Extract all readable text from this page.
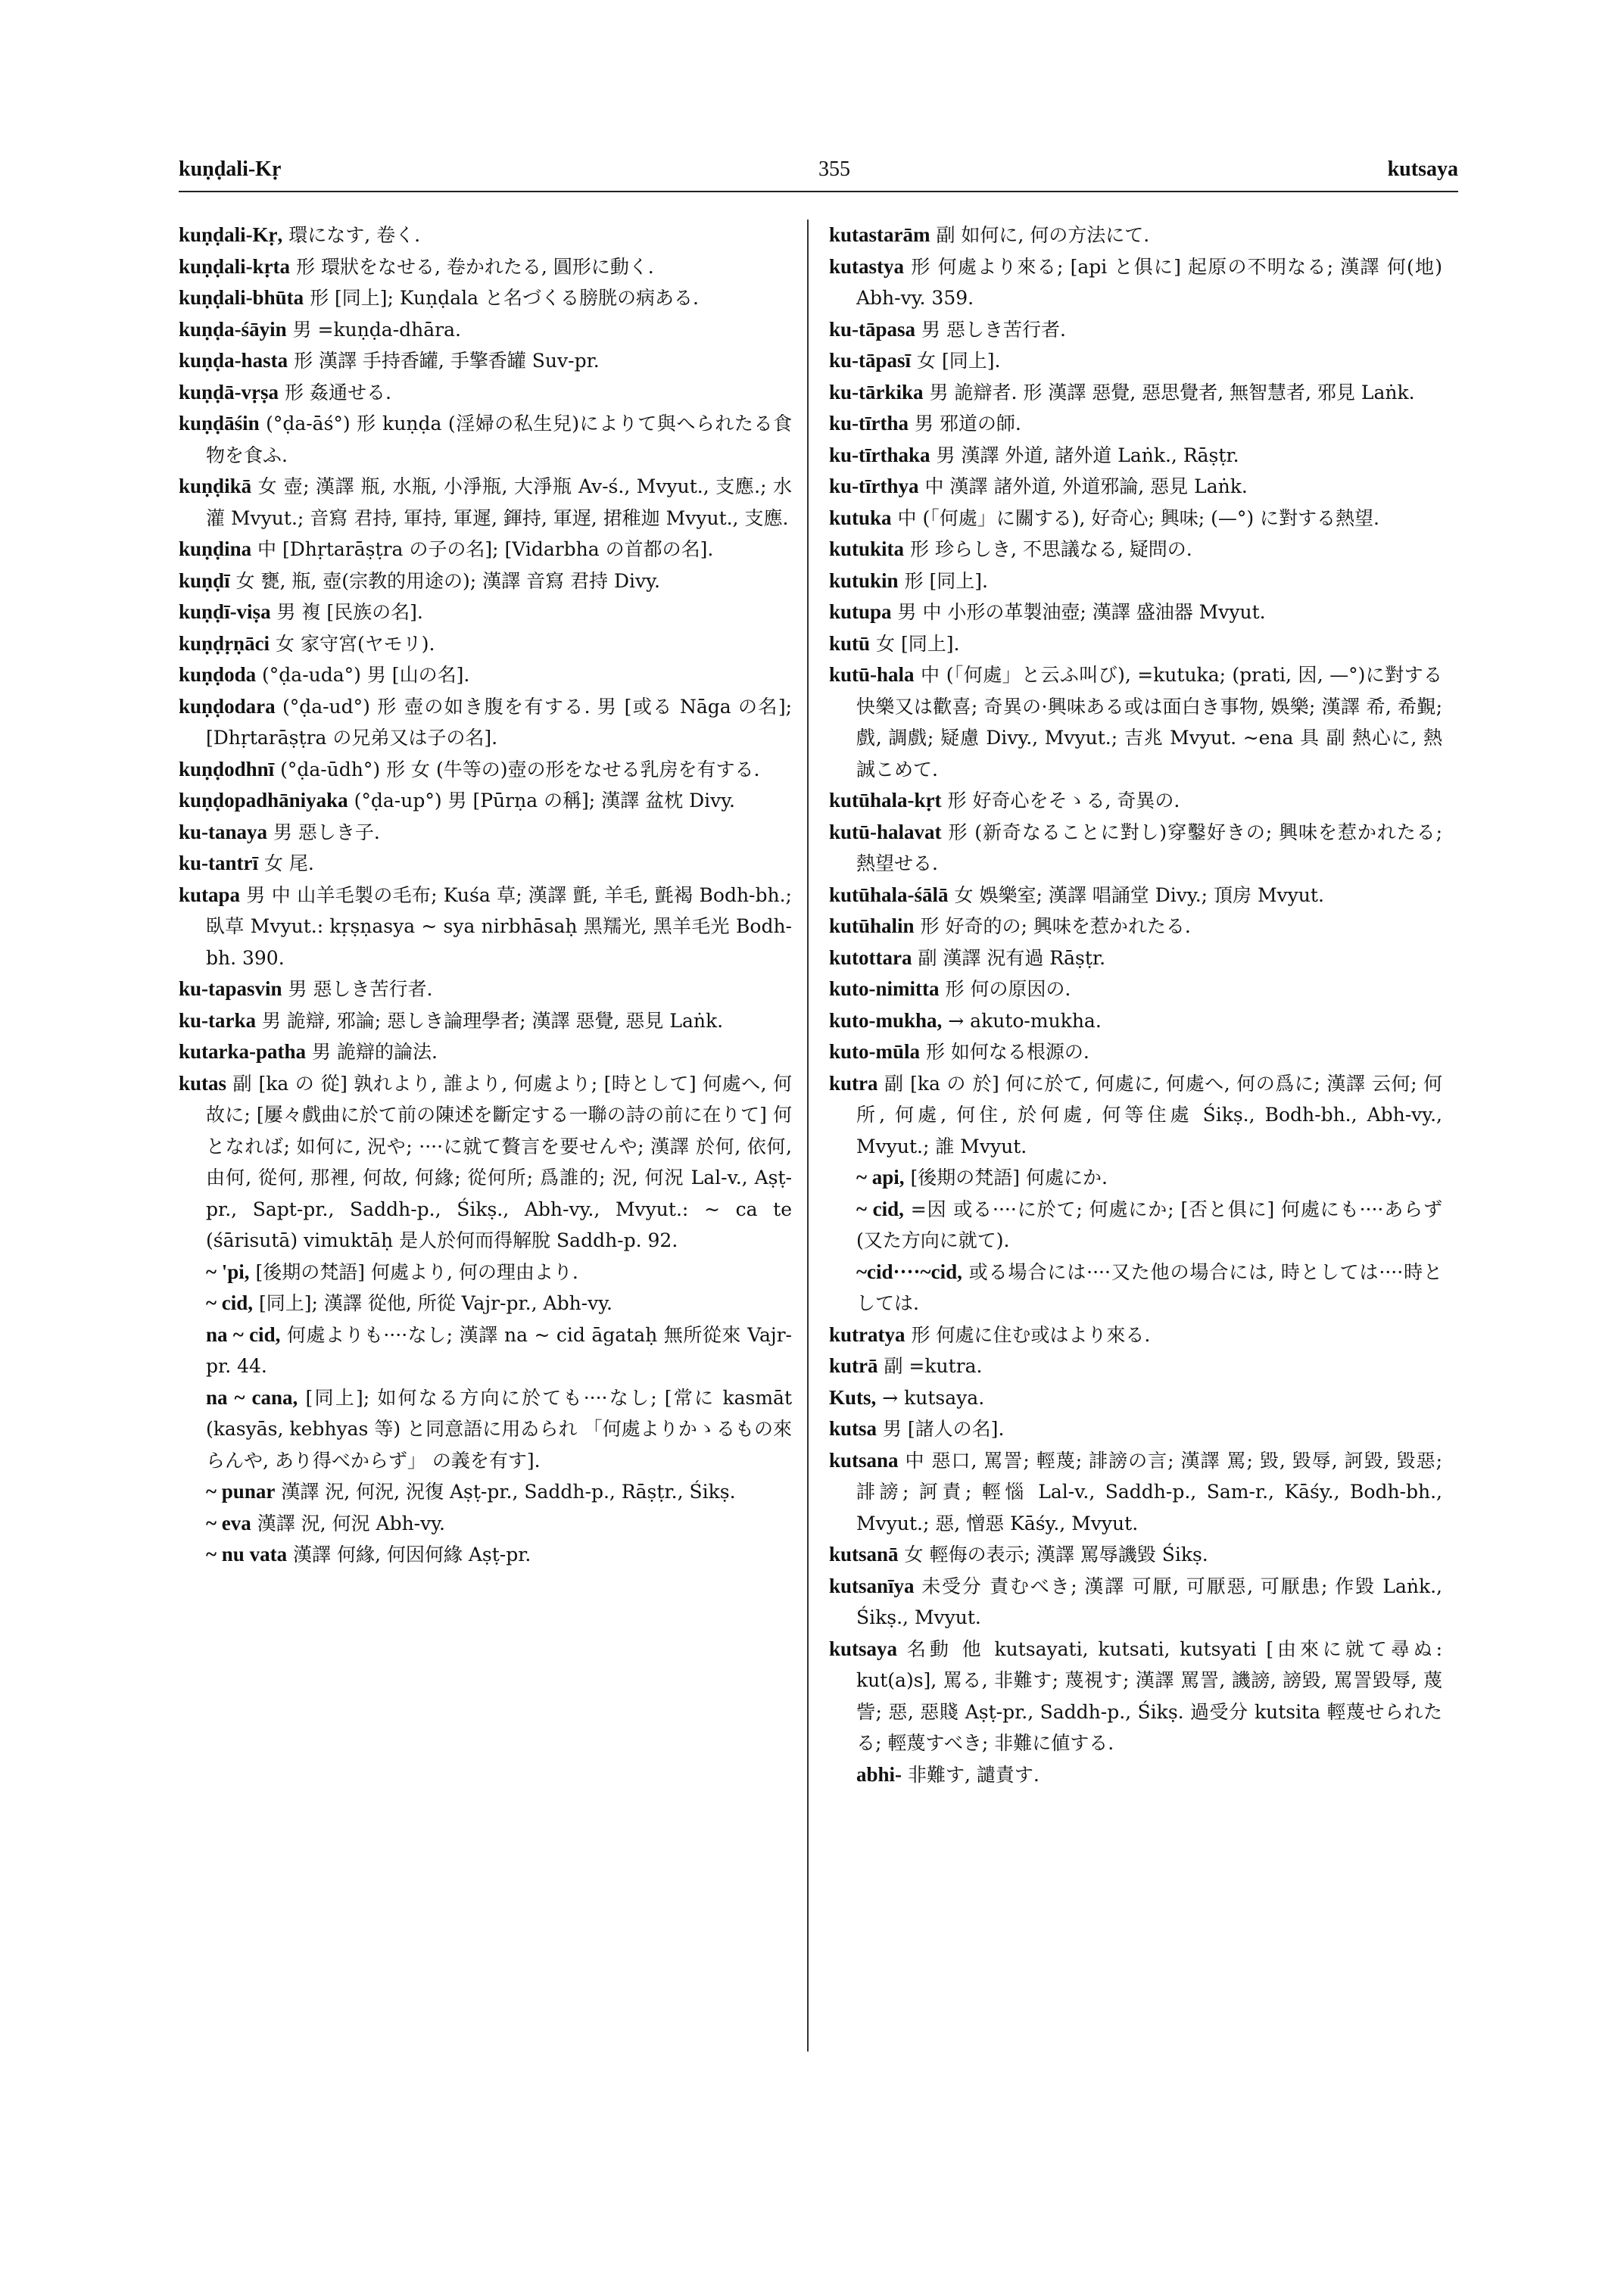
kuṇḍali-Kṛ	355	kutsaya

kuṇḍali-Kṛ, 環になす, 卷く.

kuṇḍali-kṛta 形 環狀をなせる, 卷かれたる, 圓形に動く.

kuṇḍali-bhūta 形 [同上]; Kuṇḍala と名づくる膀胱の病ある.

kuṇḍa-śāyin 男 =kuṇḍa-dhāra.

kuṇḍa-hasta 形 漢譯 手持香罐, 手擎香罐 Suv-pr.

kuṇḍā-vṛṣa 形 姦通せる.

kuṇḍāśin (°ḍa-āś°) 形 kuṇḍa (淫婦の私生兒)によりて與へられたる食物を食ふ.

kuṇḍikā 女 壺; 漢譯 瓶, 水瓶, 小淨瓶, 大淨瓶 Av-ś., Mvyut., 支應.; 水灌 Mvyut.; 音寫 君持, 軍持, 軍遲, 鍕持, 軍遅, 捃稚迦 Mvyut., 支應.

kuṇḍina 中 [Dhṛtarāṣṭra の子の名]; [Vidarbha の首都の名].

kuṇḍī 女 甕, 瓶, 壺(宗教的用途の); 漢譯 音寫 君持 Divy.

kuṇḍī-viṣa 男 複 [民族の名].

kuṇḍṛṇāci 女 家守宮(ヤモリ).

kuṇḍoda (°ḍa-uda°) 男 [山の名].

kuṇḍodara (°ḍa-ud°) 形 壺の如き腹を有する. 男 [或る Nāga の名]; [Dhṛtarāṣṭra の兄弟又は子の名].

kuṇḍodhnī (°ḍa-ūdh°) 形 女 (牛等の)壺の形をなせる乳房を有する.

kuṇḍopadhāniyaka (°ḍa-up°) 男 [Pūrṇa の稱]; 漢譯 盆枕 Divy.

ku-tanaya 男 惡しき子.

ku-tantrī 女 尾.

kutapa 男 中 山羊毛製の毛布; Kuśa 草; 漢譯 氈, 羊毛, 氈褐 Bodh-bh.; 臥草 Mvyut.: kṛṣṇasya ~ sya nirbhāsaḥ 黑羺光, 黑羊毛光 Bodh-bh. 390.

ku-tapasvin 男 惡しき苦行者.

ku-tarka 男 詭辯, 邪論; 惡しき論理學者; 漢譯 惡覺, 惡見 Laṅk.

kutarka-patha 男 詭辯的論法.

kutas 副 [ka の 從] 孰れより, 誰より, 何處より; [時として] 何處へ, 何故に; [屢々戲曲に於て前の陳述を斷定する一聯の詩の前に在りて] 何となれば; 如何に, 況や; ····に就て贅言を要せんや; 漢譯 於何, 依何, 由何, 從何, 那裡, 何故, 何緣; 從何所; 爲誰的; 況, 何況 Lal-v., Aṣṭ-pr., Sapt-pr., Saddh-p., Śikṣ., Abh-vy., Mvyut.: ~ ca te (śārisutā) vimuktāḥ 是人於何而得解脫 Saddh-p. 92.

~ 'pi, [後期の梵語] 何處より, 何の理由より.

~ cid, [同上]; 漢譯 從他, 所從 Vajr-pr., Abh-vy.

na ~ cid, 何處よりも····なし; 漢譯 na ~ cid āgataḥ 無所從來 Vajr-pr. 44.

na ~ cana, [同上]; 如何なる方向に於ても····なし; [常に kasmāt (kasyās, kebhyas 等) と同意語に用ゐられ 「何處よりかゝるもの來らんや, あり得べからず」 の義を有す].

~ punar 漢譯 況, 何況, 況復 Aṣṭ-pr., Saddh-p., Rāṣṭr., Śikṣ.

~ eva 漢譯 況, 何況 Abh-vy.

~ nu vata 漢譯 何緣, 何因何緣 Aṣṭ-pr.

kutastarām 副 如何に, 何の方法にて.

kutastya 形 何處より來る; [api と俱に] 起原の不明なる; 漢譯 何(地) Abh-vy. 359.

ku-tāpasa 男 惡しき苦行者.

ku-tāpasī 女 [同上].

ku-tārkika 男 詭辯者. 形 漢譯 惡覺, 惡思覺者, 無智慧者, 邪見 Laṅk.

ku-tīrtha 男 邪道の師.

ku-tīrthaka 男 漢譯 外道, 諸外道 Laṅk., Rāṣṭr.

ku-tīrthya 中 漢譯 諸外道, 外道邪論, 惡見 Laṅk.

kutuka 中 (「何處」に關する), 好奇心; 興味; (—°) に對する熱望.

kutukita 形 珍らしき, 不思議なる, 疑問の.

kutukin 形 [同上].

kutupa 男 中 小形の革製油壺; 漢譯 盛油器 Mvyut.

kutū 女 [同上].

kutū-hala 中 (「何處」と云ふ叫び), =kutuka; (prati, 因, —°)に對する快樂又は歡喜; 奇異の·興味ある或は面白き事物, 娛樂; 漢譯 希, 希覲; 戲, 調戲; 疑慮 Divy., Mvyut.; 吉兆 Mvyut. ~ena 具 副 熱心に, 熱誠こめて.

kutūhala-kṛt 形 好奇心をそゝる, 奇異の.

kutū-halavat 形 (新奇なることに對し)穿鑿好きの; 興味を惹かれたる; 熱望せる.

kutūhala-śālā 女 娛樂室; 漢譯 唱誦堂 Divy.; 頂房 Mvyut.

kutūhalin 形 好奇的の; 興味を惹かれたる.

kutottara 副 漢譯 況有過 Rāṣṭr.

kuto-nimitta 形 何の原因の.

kuto-mukha, → akuto-mukha.

kuto-mūla 形 如何なる根源の.

kutra 副 [ka の 於] 何に於て, 何處に, 何處へ, 何の爲に; 漢譯 云何; 何所, 何處, 何住, 於何處, 何等住處 Śikṣ., Bodh-bh., Abh-vy., Mvyut.; 誰 Mvyut.

~ api, [後期の梵語] 何處にか.

~ cid, =因 或る····に於て; 何處にか; [否と俱に] 何處にも····あらず(又た方向に就て).

~cid····~cid, 或る場合には····又た他の場合には, 時としては····時としては.

kutratya 形 何處に住む或はより來る.

kutrā 副 =kutra.

Kuts, → kutsaya.

kutsa 男 [諸人の名].

kutsana 中 惡口, 罵詈; 輕蔑; 誹謗の言; 漢譯 罵; 毀, 毀辱, 訶毀, 毀惡; 誹謗; 訶責; 輕惱 Lal-v., Saddh-p., Sam-r., Kāśy., Bodh-bh., Mvyut.; 惡, 憎惡 Kāśy., Mvyut.

kutsanā 女 輕侮の表示; 漢譯 罵辱譏毀 Śikṣ.

kutsanīya 未受分 責むべき; 漢譯 可厭, 可厭惡, 可厭患; 作毀 Laṅk., Śikṣ., Mvyut.

kutsaya 名動 他 kutsayati, kutsati, kutsyati [由來に就て尋ぬ: kut(a)s], 罵る, 非難す; 蔑視す; 漢譯 罵詈, 譏謗, 謗毀, 罵詈毀辱, 蔑訾; 惡, 惡賤 Aṣṭ-pr., Saddh-p., Śikṣ. 過受分 kutsita 輕蔑せられたる; 輕蔑すべき; 非難に値する.

abhi- 非難す, 譴責す.
